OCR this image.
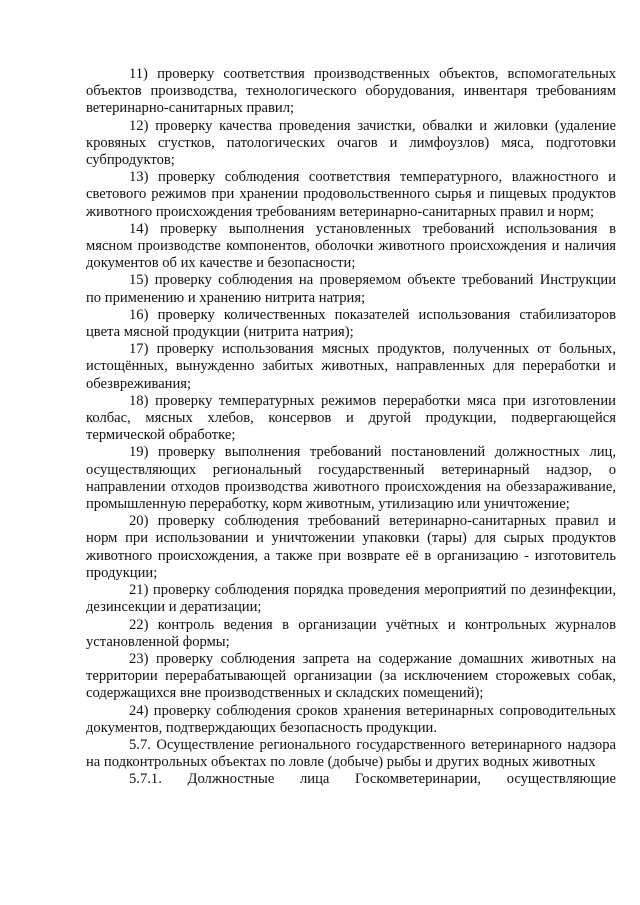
11) проверку соответствия производственных объектов, вспомогательных объектов производства, технологического оборудования, инвентаря требованиям ветеринарно-санитарных правил;

12) проверку качества проведения зачистки, обвалки и жиловки (удаление кровяных сгустков, патологических очагов и лимфоузлов) мяса, подготовки субпродуктов;

13) проверку соблюдения соответствия температурного, влажностного и светового режимов при хранении продовольственного сырья и пищевых продуктов животного происхождения требованиям ветеринарно-санитарных правил и норм;

14) проверку выполнения установленных требований использования в мясном производстве компонентов, оболочки животного происхождения и наличия документов об их качестве и безопасности;

15) проверку соблюдения на проверяемом объекте требований Инструкции по применению и хранению нитрита натрия;

16) проверку количественных показателей использования стабилизаторов цвета мясной продукции (нитрита натрия);

17) проверку использования мясных продуктов, полученных от больных, истощённых, вынужденно забитых животных, направленных для переработки и обезвреживания;

18) проверку температурных режимов переработки мяса при изготовлении колбас, мясных хлебов, консервов и другой продукции, подвергающейся термической обработке;

19) проверку выполнения требований постановлений должностных лиц, осуществляющих региональный государственный ветеринарный надзор, о направлении отходов производства животного происхождения на обеззараживание, промышленную переработку, корм животным, утилизацию или уничтожение;

20) проверку соблюдения требований ветеринарно-санитарных правил и норм при использовании и уничтожении упаковки (тары) для сырых продуктов животного происхождения, а также при возврате её в организацию - изготовитель продукции;

21) проверку соблюдения порядка проведения мероприятий по дезинфекции, дезинсекции и дератизации;

22) контроль ведения в организации учётных и контрольных журналов установленной формы;

23) проверку соблюдения запрета на содержание домашних животных на территории перерабатывающей организации (за исключением сторожевых собак, содержащихся вне производственных и складских помещений);

24) проверку соблюдения сроков хранения ветеринарных сопроводительных документов, подтверждающих безопасность продукции.

5.7. Осуществление регионального государственного ветеринарного надзора на подконтрольных объектах по ловле (добыче) рыбы и других водных животных

5.7.1. Должностные лица Госкомветеринарии, осуществляющие
